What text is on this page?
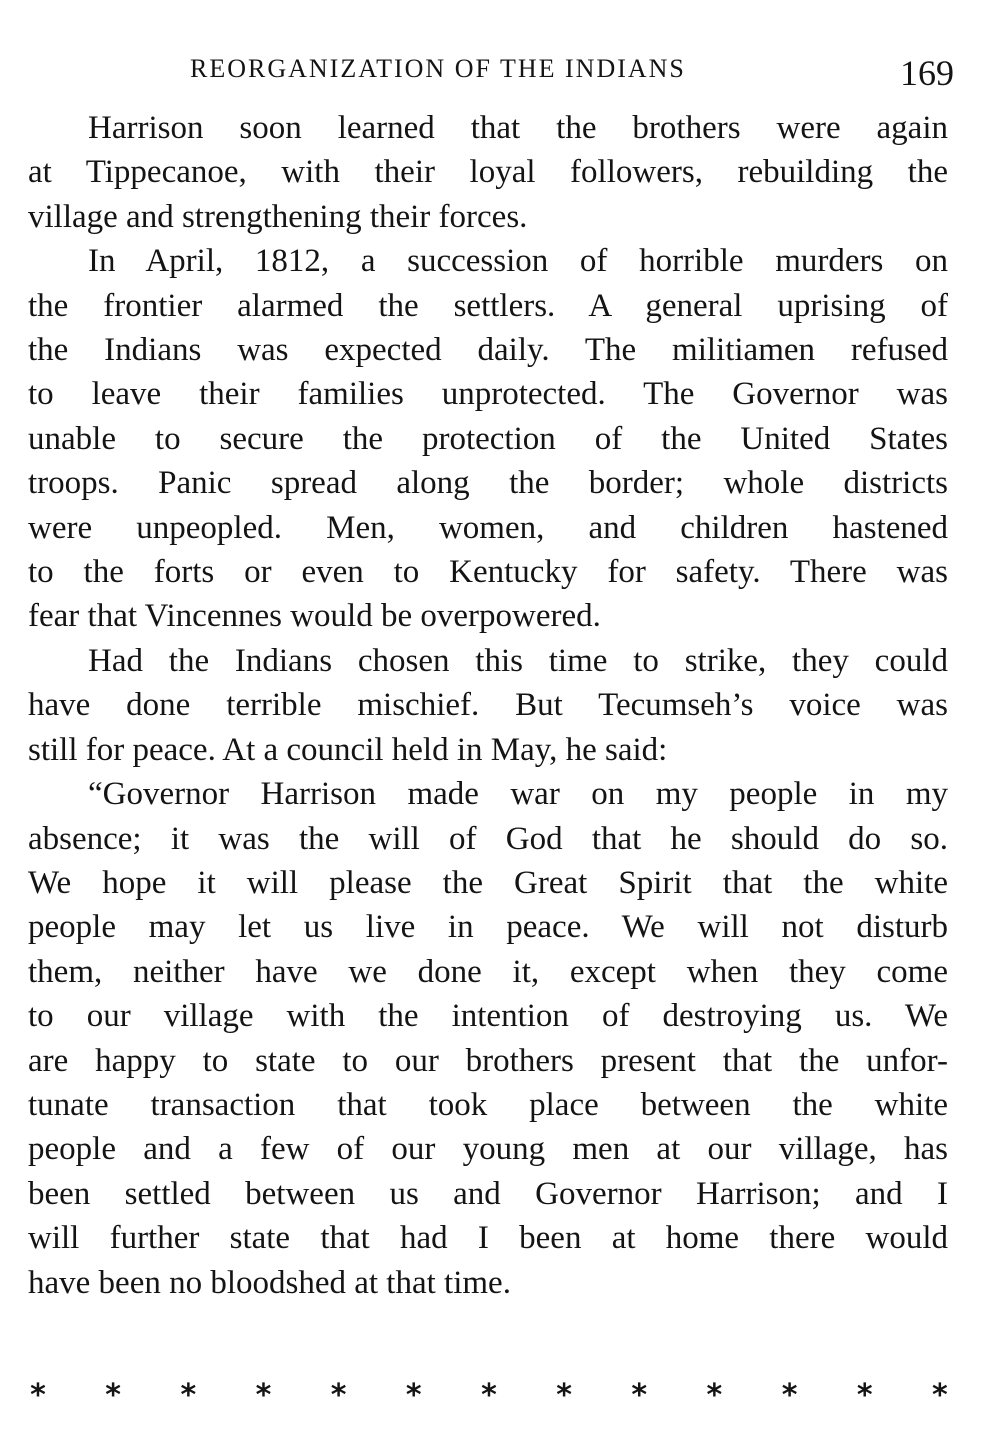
REORGANIZATION OF THE INDIANS	169
Harrison soon learned that the brothers were again
at Tippecanoe, with their loyal followers, rebuilding the
village and strengthening their forces.
In April, 1812, a succession of horrible murders on
the frontier alarmed the settlers. A general uprising of
the Indians was expected daily. The militiamen refused
to leave their families unprotected. The Governor was
unable to secure the protection of the United States
troops. Panic spread along the border; whole districts
were unpeopled. Men, women, and children hastened
to the forts or even to Kentucky for safety. There was
fear that Vincennes would be overpowered.
Had the Indians chosen this time to strike, they could
have done terrible mischief. But Tecumseh’s voice was
still for peace. At a council held in May, he said:
“Governor Harrison made war on my people in my
absence; it was the will of God that he should do so.
We hope it will please the Great Spirit that the white
people may let us live in peace. We will not disturb
them, neither have we done it, except when they come
to our village with the intention of destroying us. We
are happy to state to our brothers present that the unfor-
tunate transaction that took place between the white
people and a few of our young men at our village, has
been settled between us and Governor Harrison; and I
will further state that had I been at home there would
have been no bloodshed at that time.
* * * * * * * * * * * * *
